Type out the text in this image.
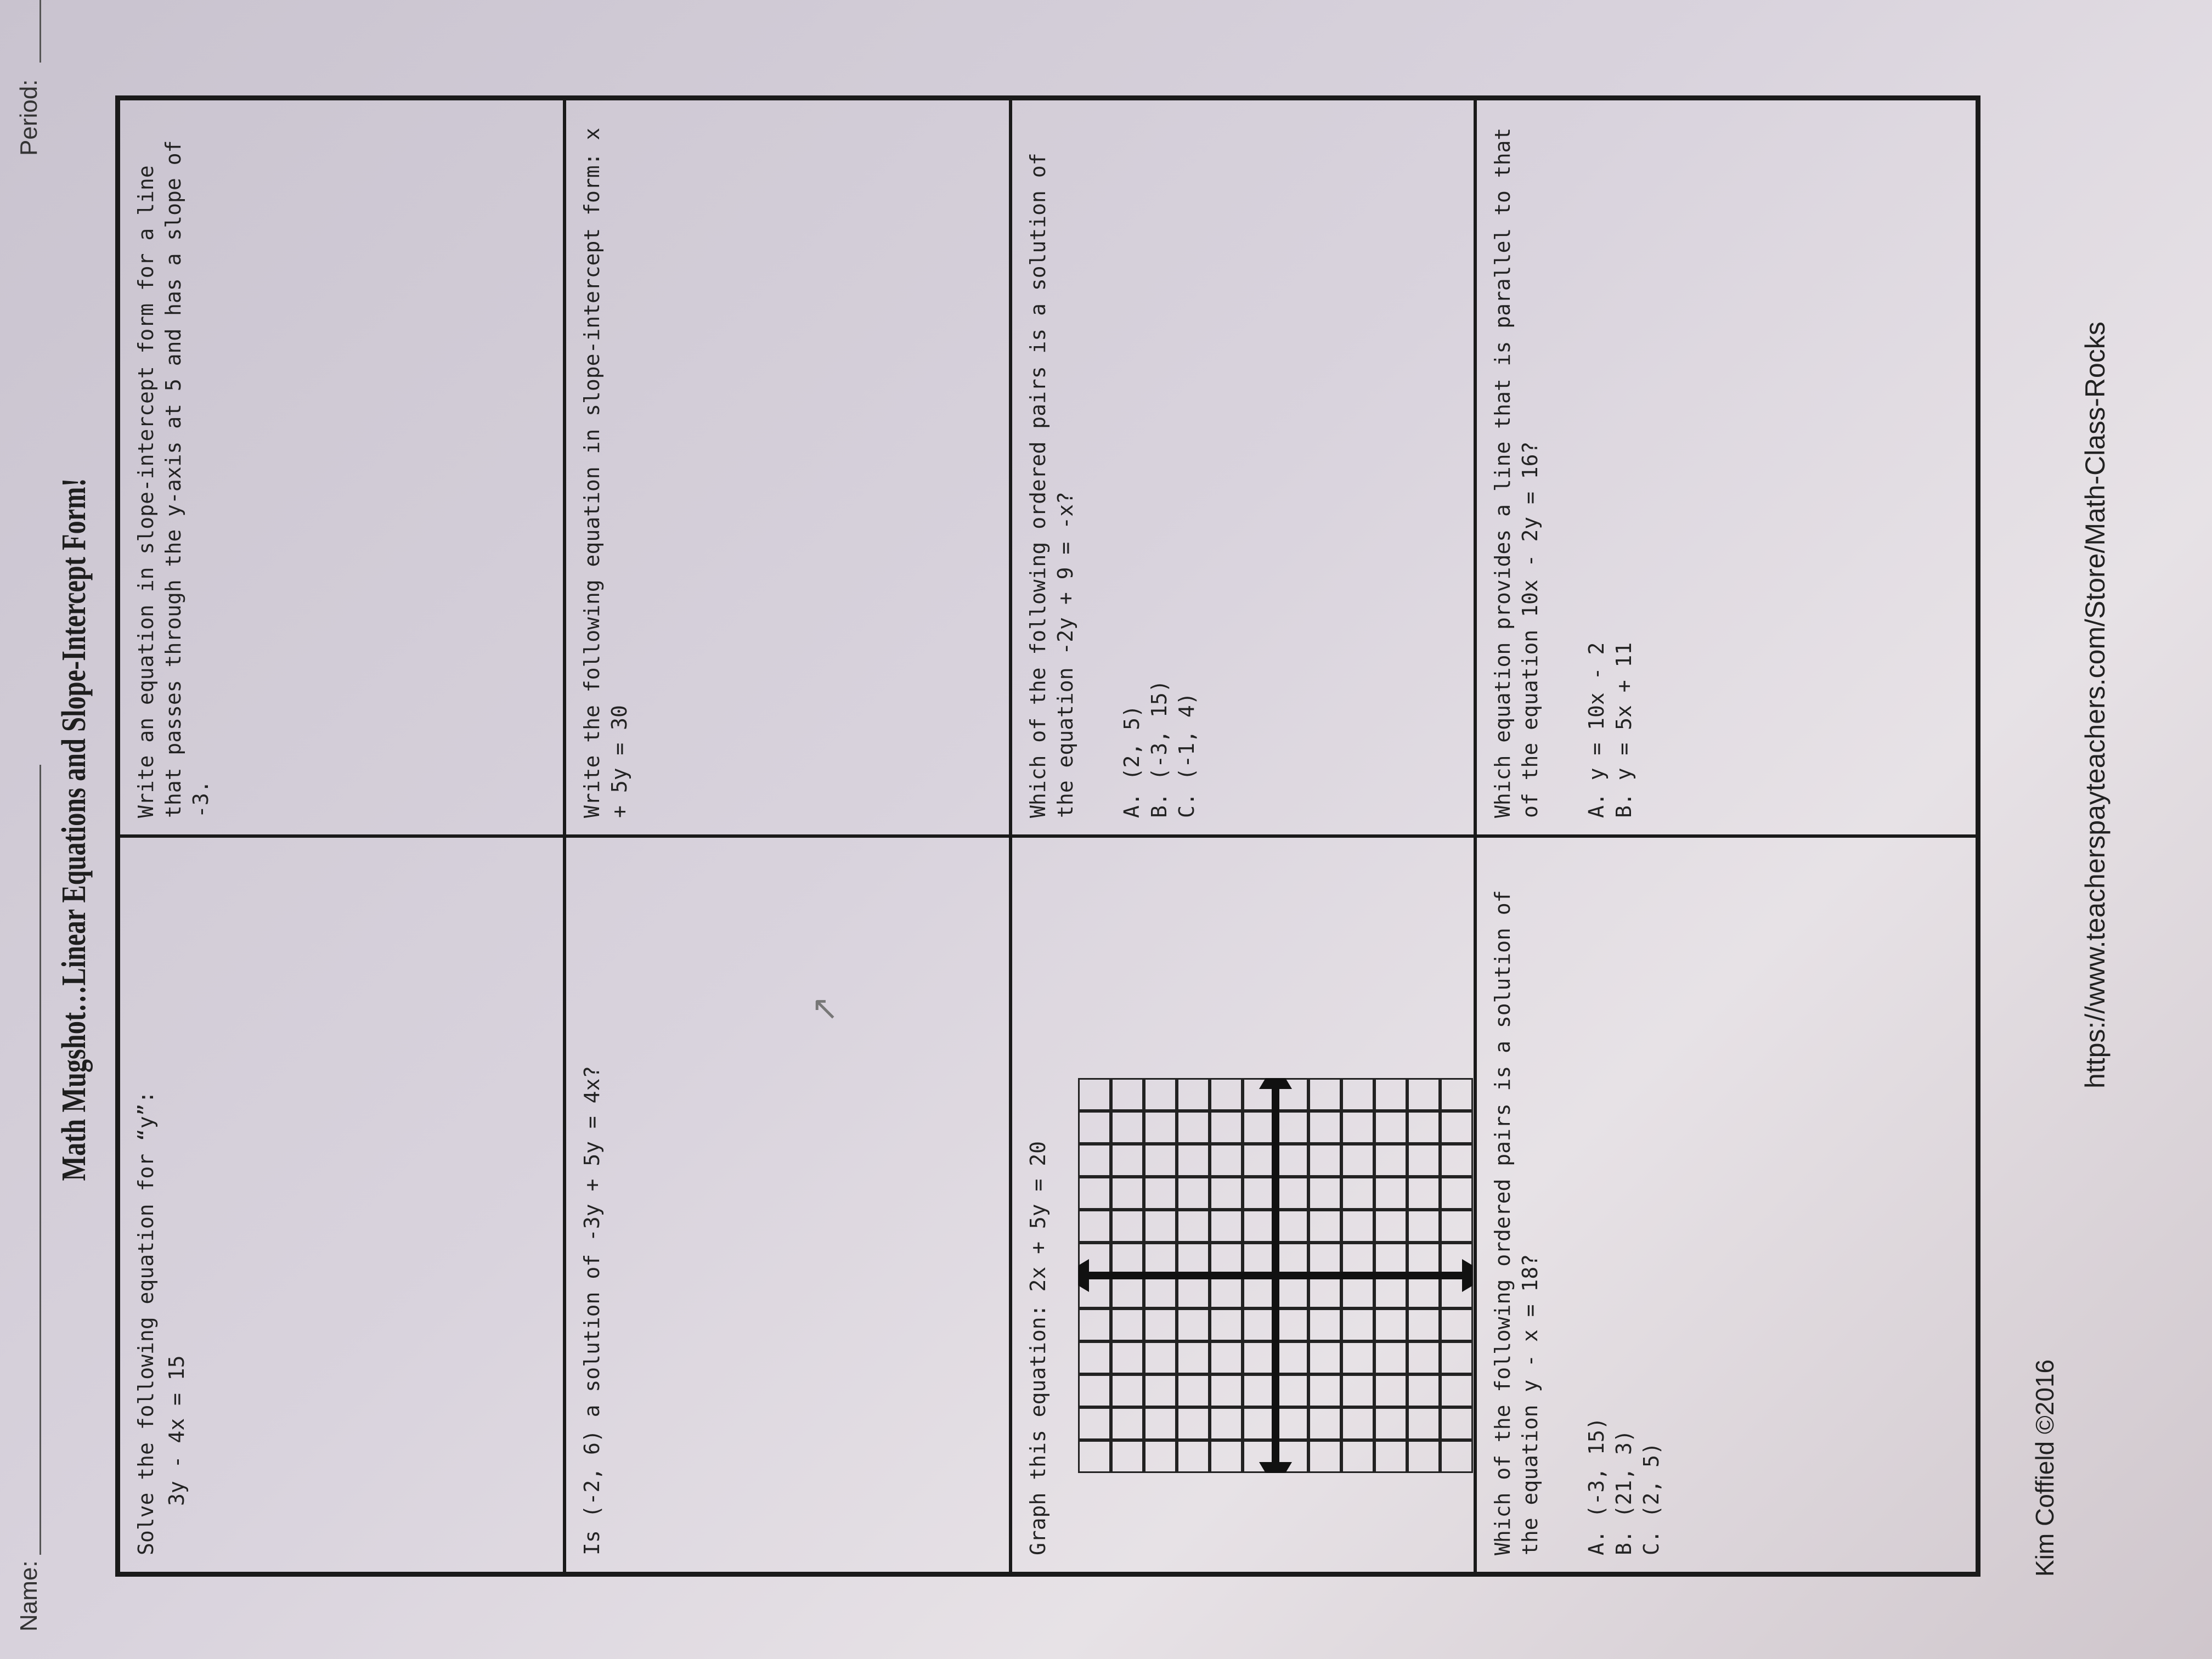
Name:
Period:
Math Mugshot…Linear Equations and Slope-Intercept Form!

Solve the following equation for “y”: 3y - 4x = 15

Write an equation in slope-intercept form for a line that passes through the y-axis at 5 and has a slope of -3.

Is (-2, 6) a solution of -3y + 5y = 4x?

↗

Write the following equation in slope-intercept form: x + 5y = 30

Graph this equation: 2x + 5y = 20

Which of the following ordered pairs is a solution of the equation -2y + 9 = -x? A. (2, 5) B. (-3, 15) C. (-1, 4)

Which of the following ordered pairs is a solution of the equation y - x = 18? A. (-3, 15) B. (21, 3) C. (2, 5)

Which equation provides a line that is parallel to that of the equation 10x - 2y = 16? A. y = 10x - 2 B. y = 5x + 11

Kim Coffield ©2016
https://www.teacherspayteachers.com/Store/Math-Class-Rocks
